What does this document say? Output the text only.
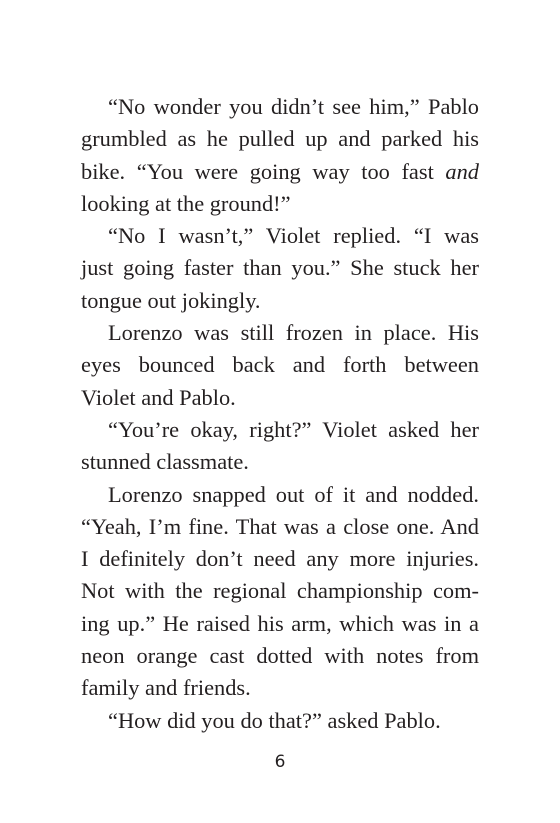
“No wonder you didn’t see him,” Pablo
grumbled as he pulled up and parked his
bike. “You were going way too fast and
looking at the ground!”
“No I wasn’t,” Violet replied. “I was
just going faster than you.” She stuck her
tongue out jokingly.
Lorenzo was still frozen in place. His
eyes bounced back and forth between
Violet and Pablo.
“You’re okay, right?” Violet asked her
stunned classmate.
Lorenzo snapped out of it and nodded.
“Yeah, I’m fine. That was a close one. And
I definitely don’t need any more injuries.
Not with the regional championship com-
ing up.” He raised his arm, which was in a
neon orange cast dotted with notes from
family and friends.
“How did you do that?” asked Pablo.
6
